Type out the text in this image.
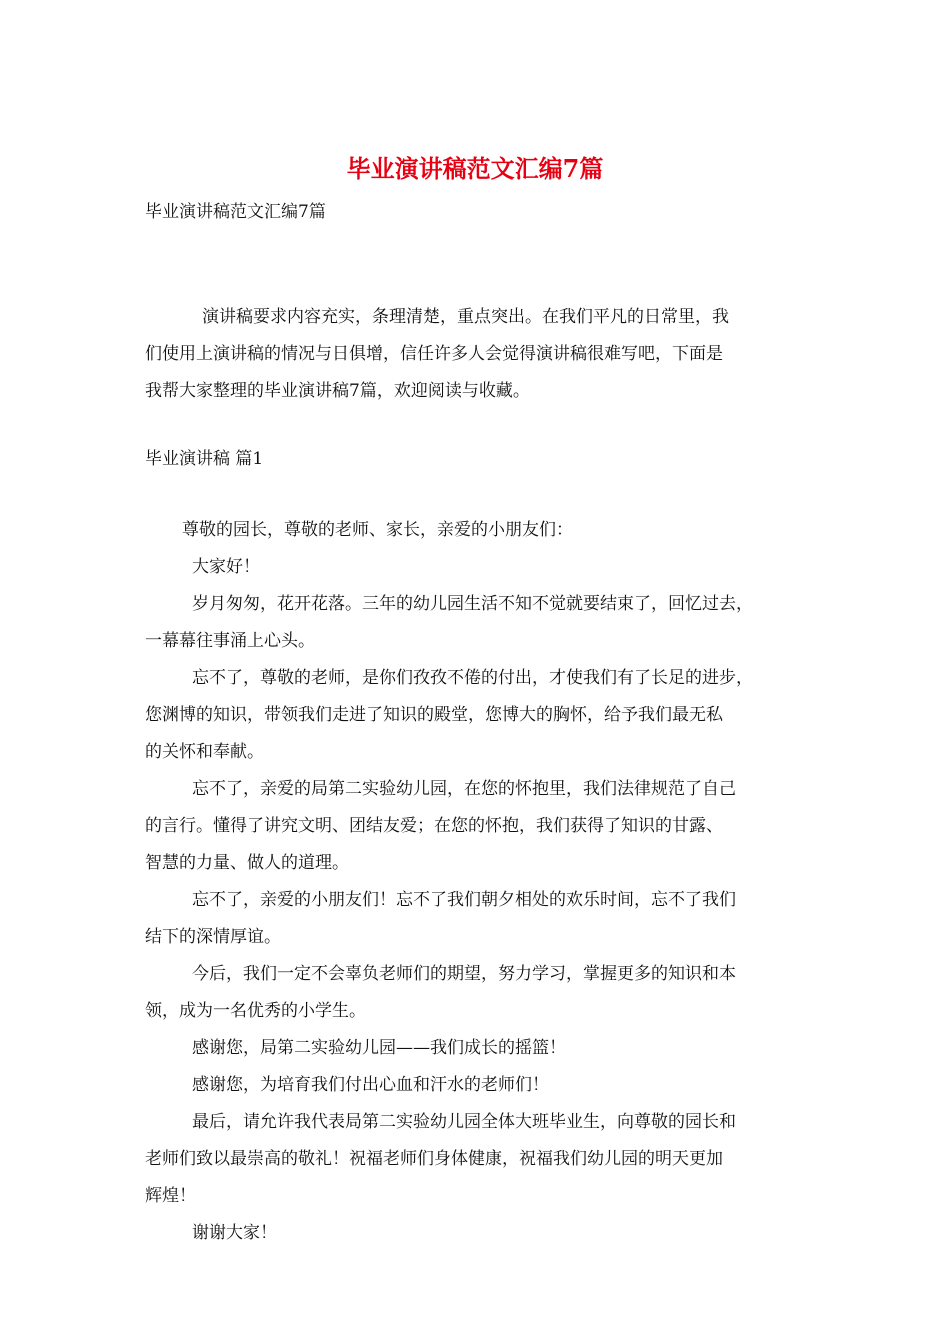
毕业演讲稿范文汇编7篇
毕业演讲稿范文汇编7篇
演讲稿要求内容充实，条理清楚，重点突出。在我们平凡的日常里，我
们使用上演讲稿的情况与日俱增，信任许多人会觉得演讲稿很难写吧，下面是
我帮大家整理的毕业演讲稿7篇，欢迎阅读与收藏。
毕业演讲稿 篇1
尊敬的园长，尊敬的老师、家长，亲爱的小朋友们：
大家好！
岁月匆匆，花开花落。三年的幼儿园生活不知不觉就要结束了，回忆过去，
一幕幕往事涌上心头。
忘不了，尊敬的老师，是你们孜孜不倦的付出，才使我们有了长足的进步，
您渊博的知识，带领我们走进了知识的殿堂，您博大的胸怀，给予我们最无私
的关怀和奉献。
忘不了，亲爱的局第二实验幼儿园，在您的怀抱里，我们法律规范了自己
的言行。懂得了讲究文明、团结友爱；在您的怀抱，我们获得了知识的甘露、
智慧的力量、做人的道理。
忘不了，亲爱的小朋友们！忘不了我们朝夕相处的欢乐时间，忘不了我们
结下的深情厚谊。
今后，我们一定不会辜负老师们的期望，努力学习，掌握更多的知识和本
领，成为一名优秀的小学生。
感谢您，局第二实验幼儿园——我们成长的摇篮！
感谢您，为培育我们付出心血和汗水的老师们！
最后，请允许我代表局第二实验幼儿园全体大班毕业生，向尊敬的园长和
老师们致以最崇高的敬礼！祝福老师们身体健康，祝福我们幼儿园的明天更加
辉煌！
谢谢大家！
